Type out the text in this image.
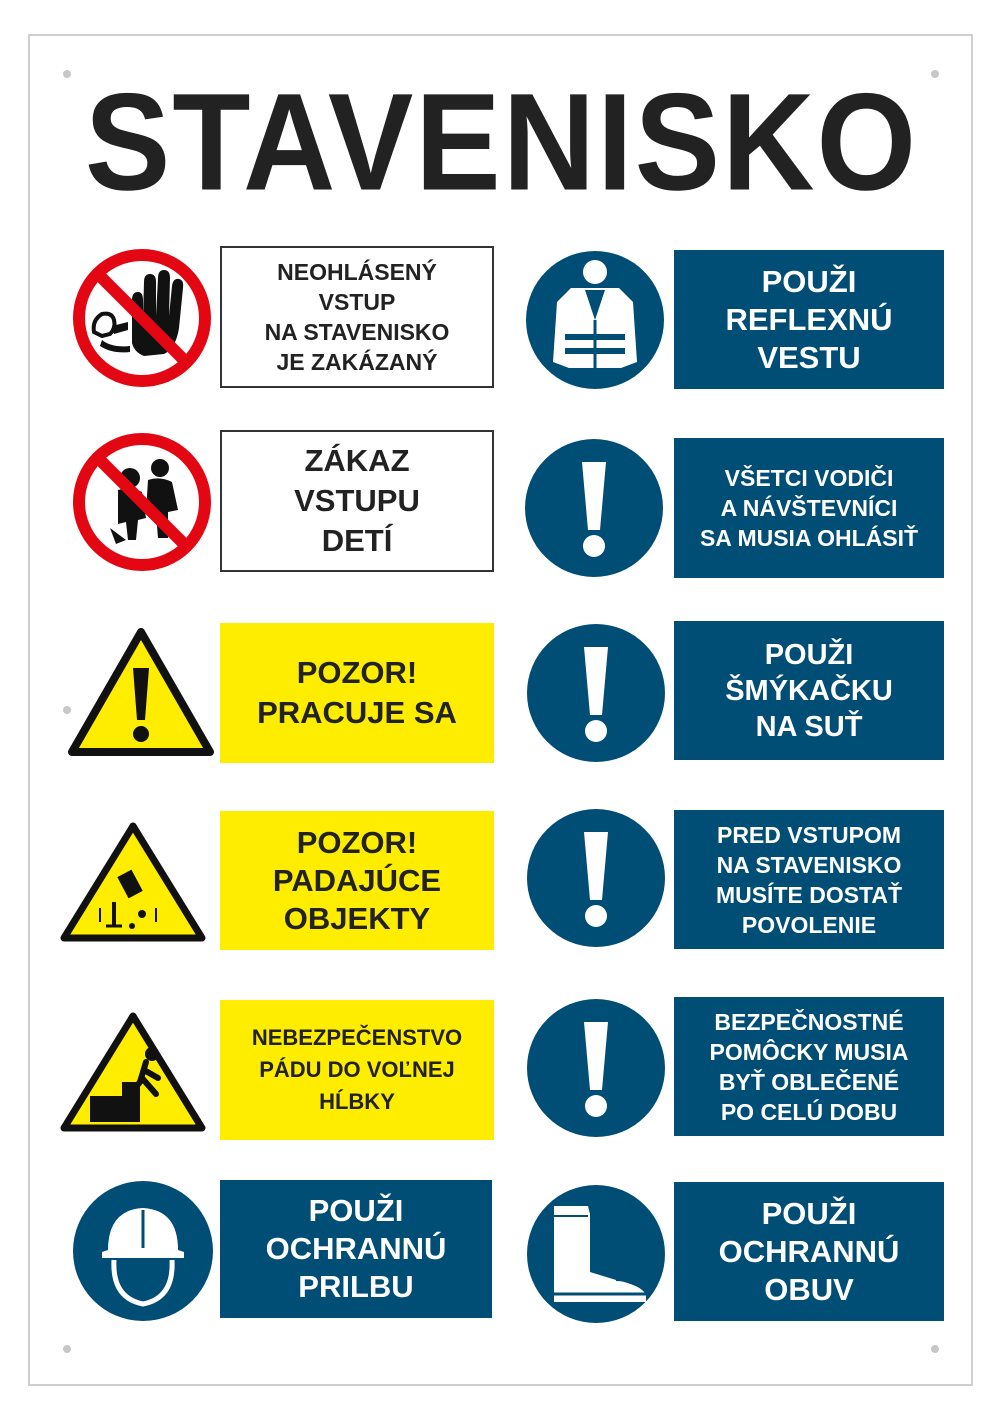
STAVENISKO
NEOHLÁSENÝ
VSTUP
NA STAVENISKO
JE ZAKÁZANÝ
ZÁKAZ
VSTUPU
DETÍ
POZOR!
PRACUJE SA
POZOR!
PADAJÚCE
OBJEKTY
NEBEZPEČENSTVO
PÁDU DO VOĽNEJ
HĹBKY
POUŽI
OCHRANNÚ
PRILBU
POUŽI
REFLEXNÚ
VESTU
VŠETCI VODIČI
A NÁVŠTEVNÍCI
SA MUSIA OHLÁSIŤ
POUŽI
ŠMÝKAČKU
NA SUŤ
PRED VSTUPOM
NA STAVENISKO
MUSÍTE DOSTAŤ
POVOLENIE
BEZPEČNOSTNÉ
POMÔCKY MUSIA
BYŤ OBLEČENÉ
PO CELÚ DOBU
POUŽI
OCHRANNÚ
OBUV
